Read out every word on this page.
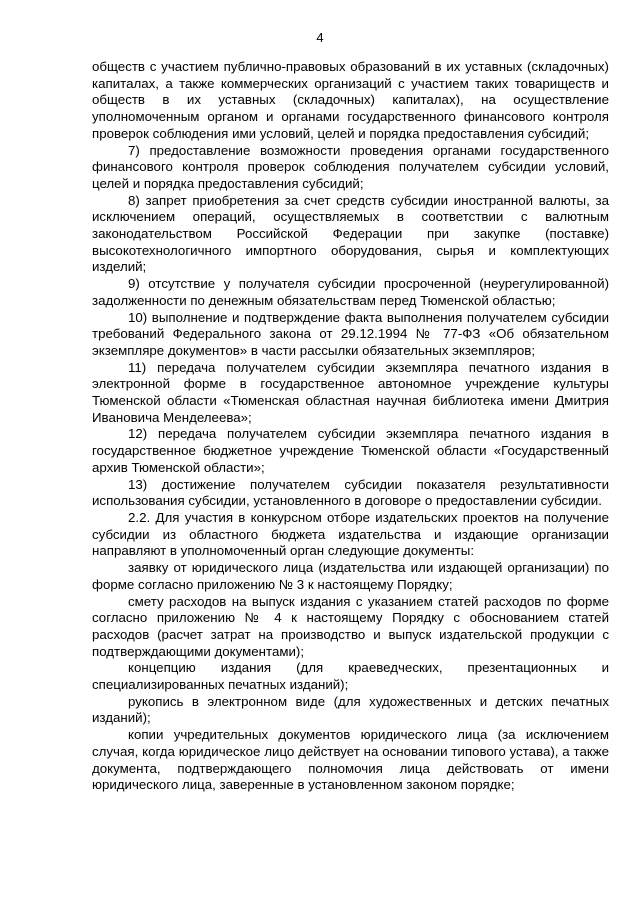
4

обществ с участием публично-правовых образований в их уставных (складочных) капиталах, а также коммерческих организаций с участием таких товариществ и обществ в их уставных (складочных) капиталах), на осуществление уполномоченным органом и органами государственного финансового контроля проверок соблюдения ими условий, целей и порядка предоставления субсидий;

7) предоставление возможности проведения органами государственного финансового контроля проверок соблюдения получателем субсидии условий, целей и порядка предоставления субсидий;

8) запрет приобретения за счет средств субсидии иностранной валюты, за исключением операций, осуществляемых в соответствии с валютным законодательством Российской Федерации при закупке (поставке) высокотехнологичного импортного оборудования, сырья и комплектующих изделий;

9) отсутствие у получателя субсидии просроченной (неурегулированной) задолженности по денежным обязательствам перед Тюменской областью;

10) выполнение и подтверждение факта выполнения получателем субсидии требований Федерального закона от 29.12.1994 № 77-ФЗ «Об обязательном экземпляре документов» в части рассылки обязательных экземпляров;

11) передача получателем субсидии экземпляра печатного издания в электронной форме в государственное автономное учреждение культуры Тюменской области «Тюменская областная научная библиотека имени Дмитрия Ивановича Менделеева»;

12) передача получателем субсидии экземпляра печатного издания в государственное бюджетное учреждение Тюменской области «Государственный архив Тюменской области»;

13) достижение получателем субсидии показателя результативности использования субсидии, установленного в договоре о предоставлении субсидии.

2.2. Для участия в конкурсном отборе издательских проектов на получение субсидии из областного бюджета издательства и издающие организации направляют в уполномоченный орган следующие документы:

заявку от юридического лица (издательства или издающей организации) по форме согласно приложению № 3 к настоящему Порядку;

смету расходов на выпуск издания с указанием статей расходов по форме согласно приложению № 4 к настоящему Порядку с обоснованием статей расходов (расчет затрат на производство и выпуск издательской продукции с подтверждающими документами);

концепцию издания (для краеведческих, презентационных и специализированных печатных изданий);

рукопись в электронном виде (для художественных и детских печатных изданий);

копии учредительных документов юридического лица (за исключением случая, когда юридическое лицо действует на основании типового устава), а также документа, подтверждающего полномочия лица действовать от имени юридического лица, заверенные в установленном законом порядке;
